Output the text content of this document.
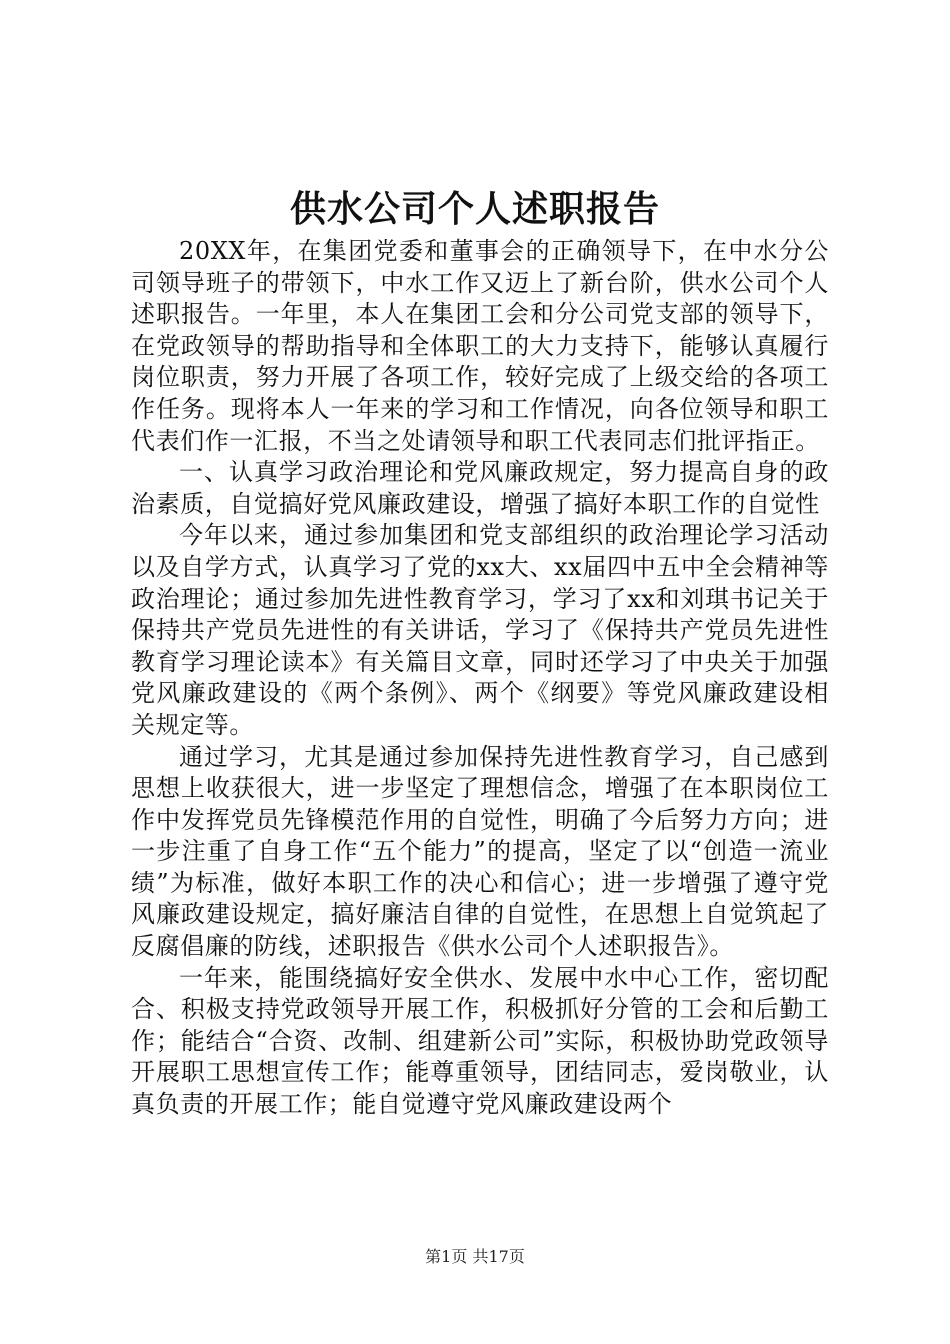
供水公司个人述职报告

20XX年，在集团党委和董事会的正确领导下，在中水分公司领导班子的带领下，中水工作又迈上了新台阶，供水公司个人述职报告。一年里，本人在集团工会和分公司党支部的领导下，在党政领导的帮助指导和全体职工的大力支持下，能够认真履行岗位职责，努力开展了各项工作，较好完成了上级交给的各项工作任务。现将本人一年来的学习和工作情况，向各位领导和职工代表们作一汇报，不当之处请领导和职工代表同志们批评指正。

一、认真学习政治理论和党风廉政规定，努力提高自身的政治素质，自觉搞好党风廉政建设，增强了搞好本职工作的自觉性

今年以来，通过参加集团和党支部组织的政治理论学习活动以及自学方式，认真学习了党的xx大、xx届四中五中全会精神等政治理论；通过参加先进性教育学习，学习了xx和刘琪书记关于保持共产党员先进性的有关讲话，学习了《保持共产党员先进性教育学习理论读本》有关篇目文章，同时还学习了中央关于加强党风廉政建设的《两个条例》、两个《纲要》等党风廉政建设相关规定等。

通过学习，尤其是通过参加保持先进性教育学习，自己感到思想上收获很大，进一步坚定了理想信念，增强了在本职岗位工作中发挥党员先锋模范作用的自觉性，明确了今后努力方向；进一步注重了自身工作“五个能力”的提高，坚定了以“创造一流业绩”为标准，做好本职工作的决心和信心；进一步增强了遵守党风廉政建设规定，搞好廉洁自律的自觉性，在思想上自觉筑起了反腐倡廉的防线，述职报告《供水公司个人述职报告》。

一年来，能围绕搞好安全供水、发展中水中心工作，密切配合、积极支持党政领导开展工作，积极抓好分管的工会和后勤工作；能结合“合资、改制、组建新公司”实际，积极协助党政领导开展职工思想宣传工作；能尊重领导，团结同志，爱岗敬业，认真负责的开展工作；能自觉遵守党风廉政建设两个

第1页 共17页
